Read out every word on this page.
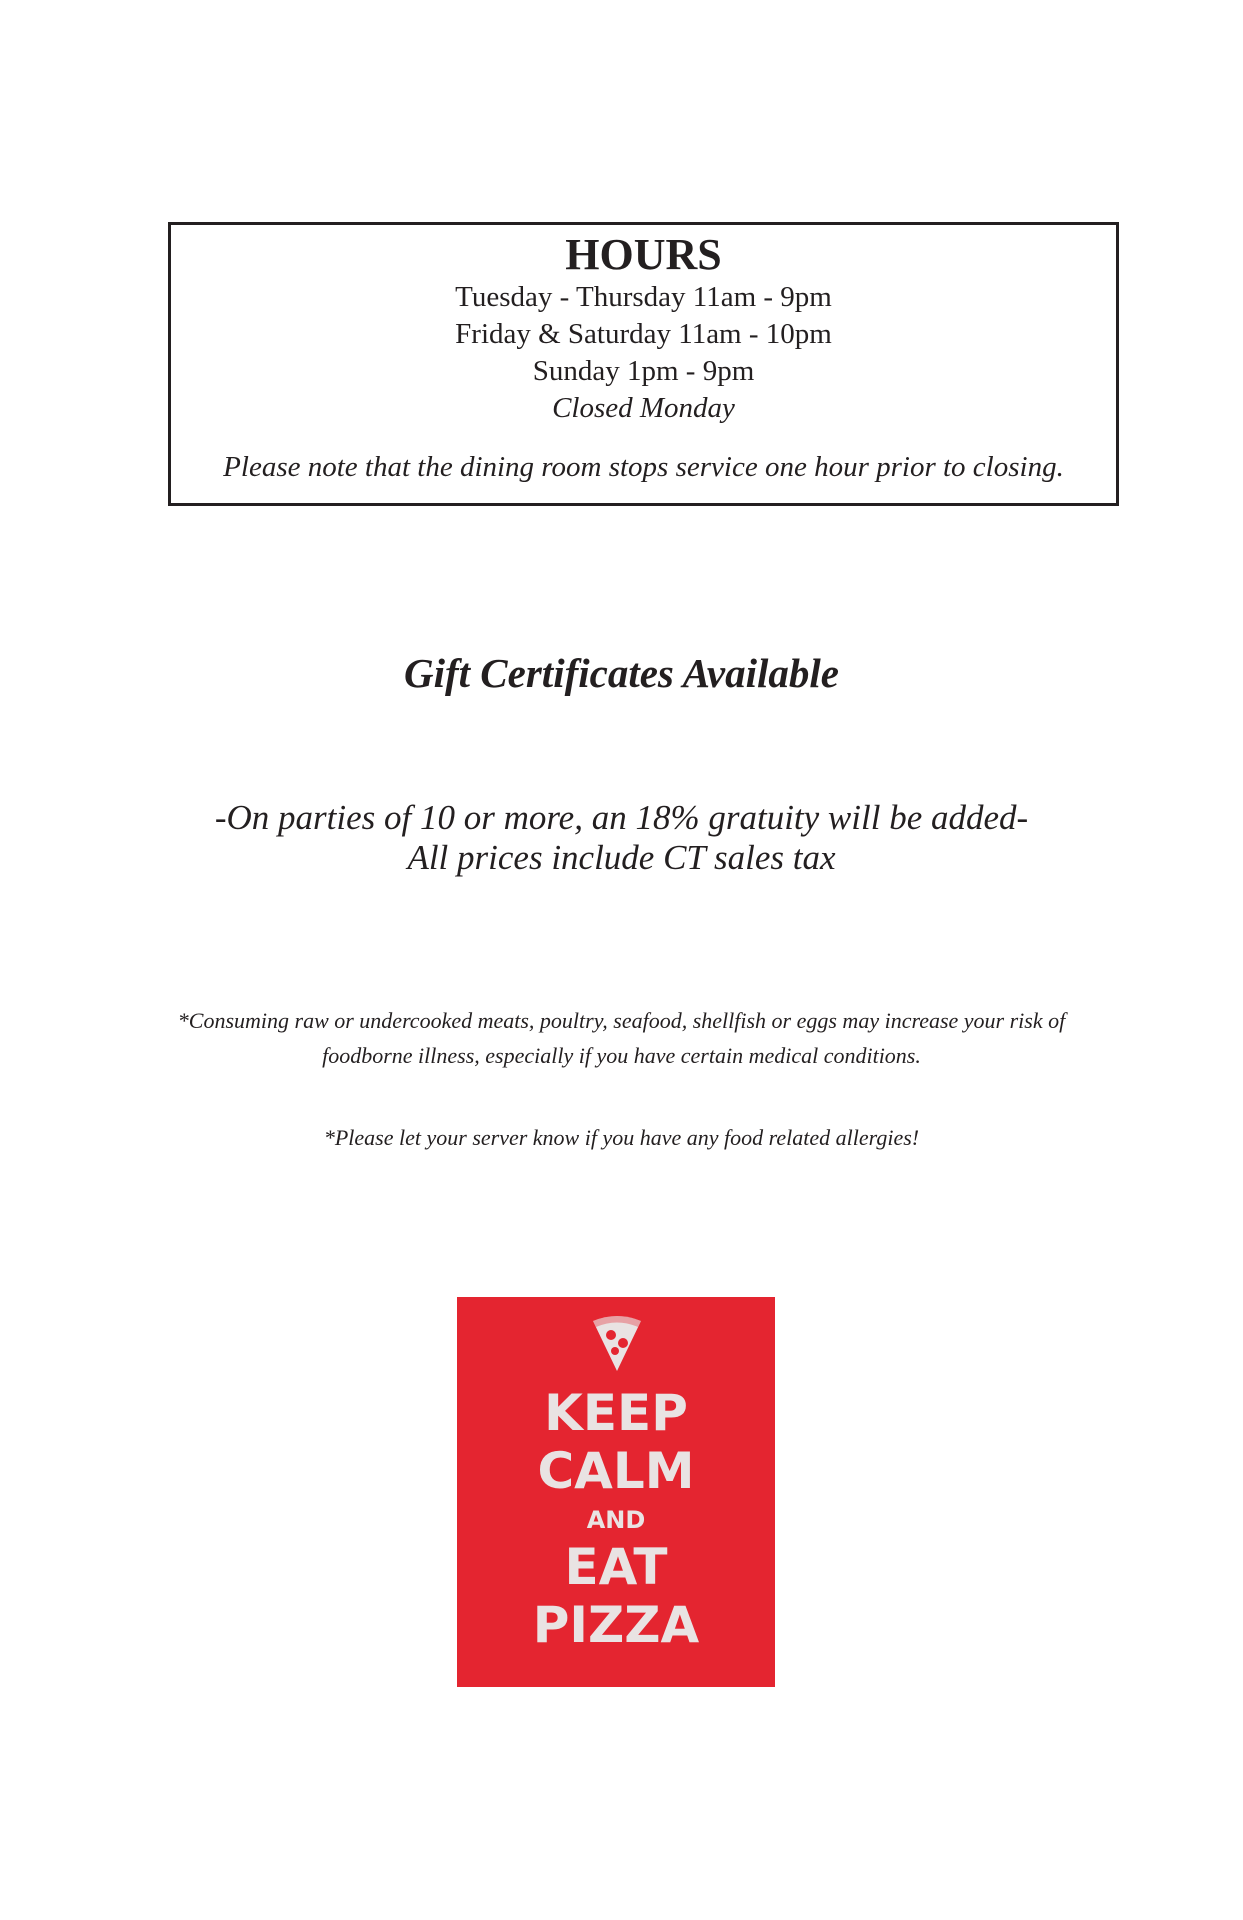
HOURS
Tuesday - Thursday 11am - 9pm
Friday & Saturday 11am - 10pm
Sunday 1pm - 9pm
Closed Monday
Please note that the dining room stops service one hour prior to closing.
Gift Certificates Available
-On parties of 10 or more, an 18% gratuity will be added-
All prices include CT sales tax
*Consuming raw or undercooked meats, poultry, seafood, shellfish or eggs may increase your risk of
foodborne illness, especially if you have certain medical conditions.
*Please let your server know if you have any food related allergies!
KEEP
CALM
AND
EAT
PIZZA
